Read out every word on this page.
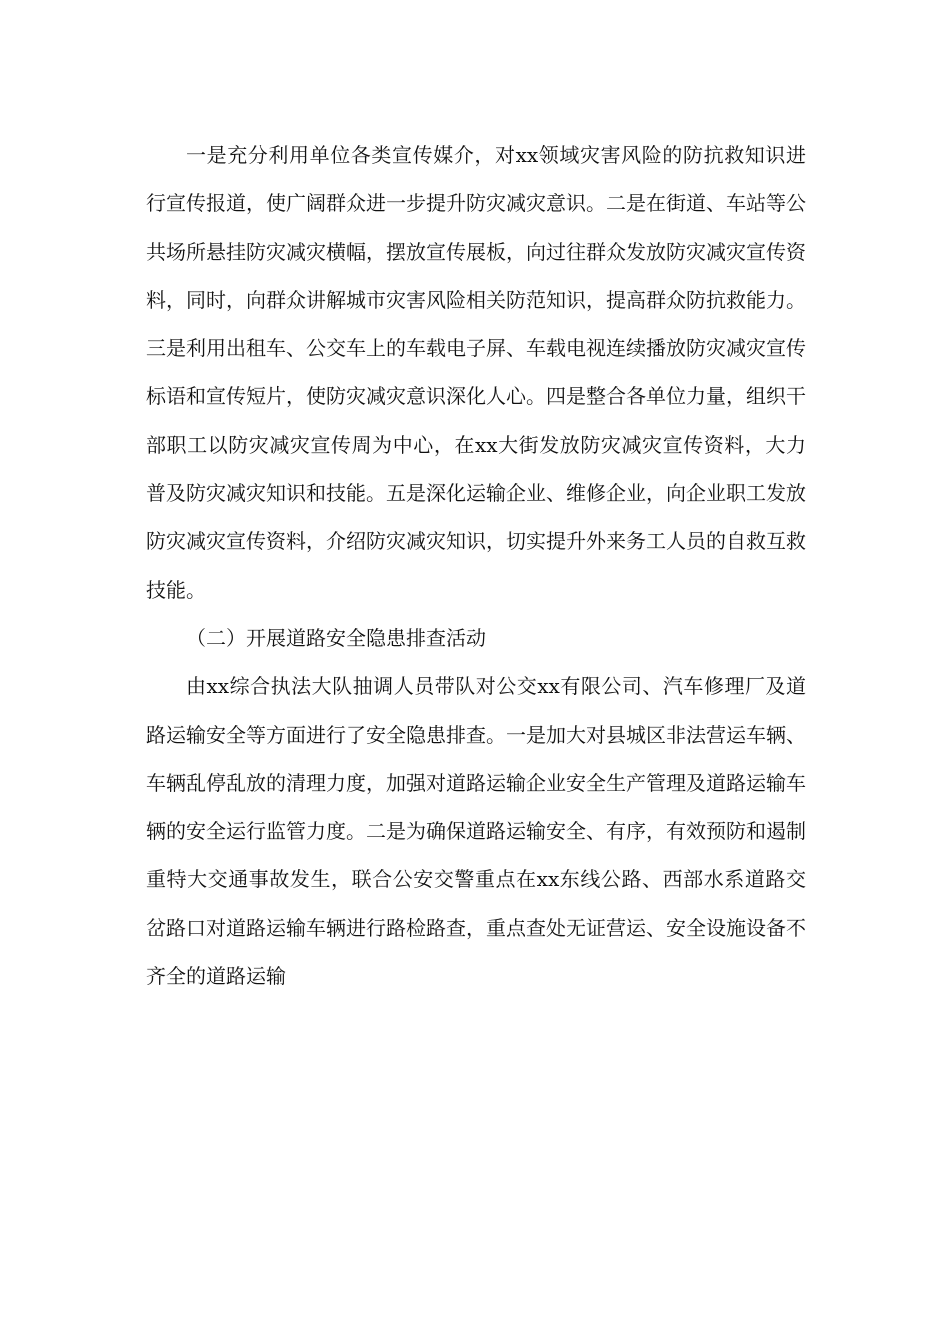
一是充分利用单位各类宣传媒介，对xx领域灾害风险的防抗救知识进行宣传报道，使广阔群众进一步提升防灾减灾意识。二是在街道、车站等公共场所悬挂防灾减灾横幅，摆放宣传展板，向过往群众发放防灾减灾宣传资料，同时，向群众讲解城市灾害风险相关防范知识，提高群众防抗救能力。三是利用出租车、公交车上的车载电子屏、车载电视连续播放防灾减灾宣传标语和宣传短片，使防灾减灾意识深化人心。四是整合各单位力量，组织干部职工以防灾减灾宣传周为中心，在xx大街发放防灾减灾宣传资料，大力普及防灾减灾知识和技能。五是深化运输企业、维修企业，向企业职工发放防灾减灾宣传资料，介绍防灾减灾知识，切实提升外来务工人员的自救互救技能。

（二）开展道路安全隐患排查活动

由xx综合执法大队抽调人员带队对公交xx有限公司、汽车修理厂及道路运输安全等方面进行了安全隐患排查。一是加大对县城区非法营运车辆、车辆乱停乱放的清理力度，加强对道路运输企业安全生产管理及道路运输车辆的安全运行监管力度。二是为确保道路运输安全、有序，有效预防和遏制重特大交通事故发生，联合公安交警重点在xx东线公路、西部水系道路交岔路口对道路运输车辆进行路检路查，重点查处无证营运、安全设施设备不齐全的道路运输
